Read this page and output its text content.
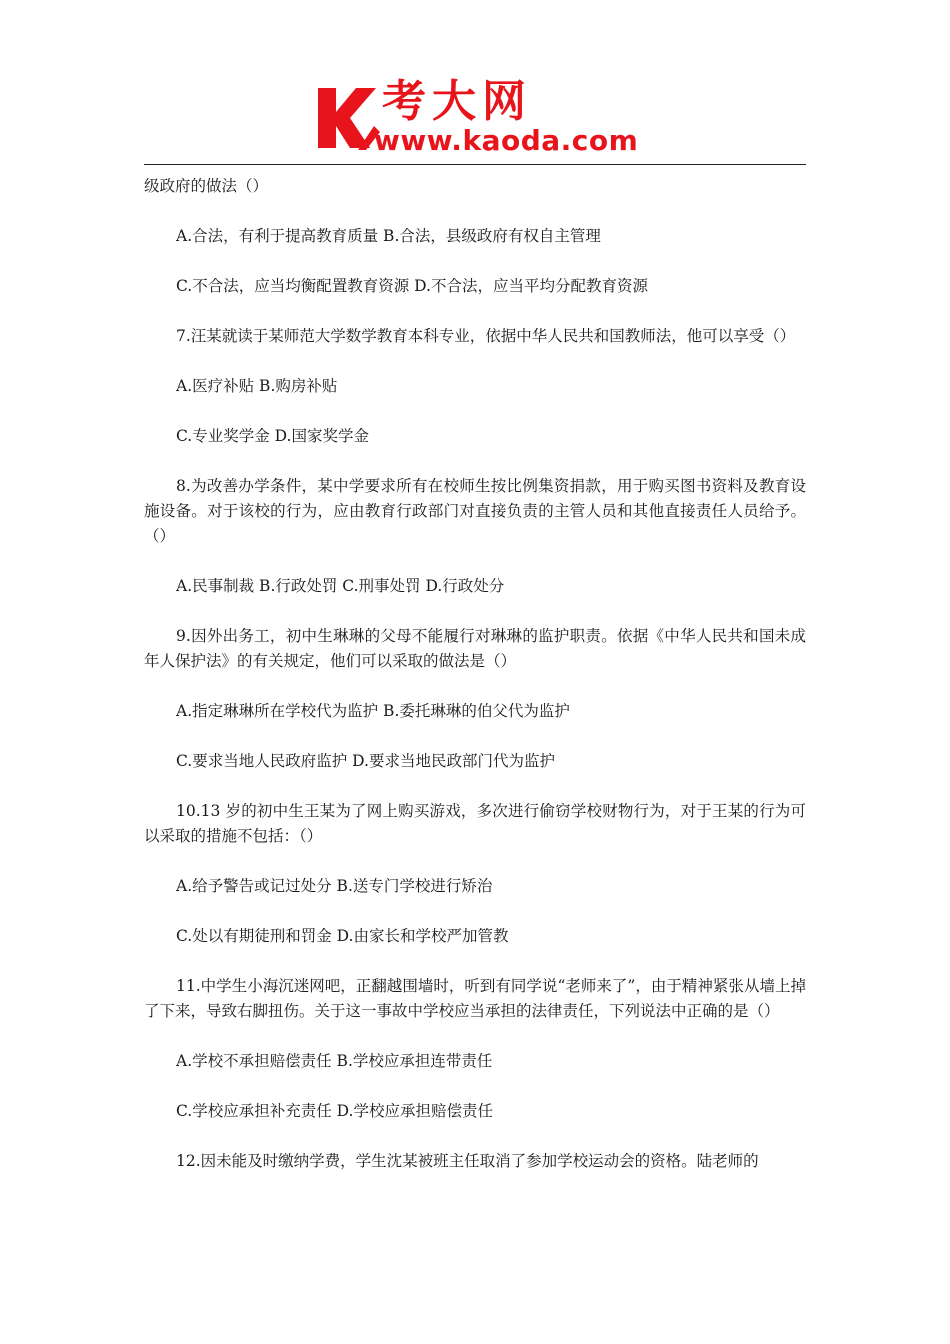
考大网
www.kaoda.com

级政府的做法（）

A.合法，有利于提高教育质量 B.合法，县级政府有权自主管理

C.不合法，应当均衡配置教育资源 D.不合法，应当平均分配教育资源

7.汪某就读于某师范大学数学教育本科专业，依据中华人民共和国教师法，他可以享受（）

A.医疗补贴 B.购房补贴

C.专业奖学金 D.国家奖学金

8.为改善办学条件，某中学要求所有在校师生按比例集资捐款，用于购买图书资料及教育设施设备。对于该校的行为，应由教育行政部门对直接负责的主管人员和其他直接责任人员给予。（）

A.民事制裁 B.行政处罚 C.刑事处罚 D.行政处分

9.因外出务工，初中生琳琳的父母不能履行对琳琳的监护职责。依据《中华人民共和国未成年人保护法》的有关规定，他们可以采取的做法是（）

A.指定琳琳所在学校代为监护 B.委托琳琳的伯父代为监护

C.要求当地人民政府监护 D.要求当地民政部门代为监护

10.13 岁的初中生王某为了网上购买游戏，多次进行偷窃学校财物行为，对于王某的行为可以采取的措施不包括：（）

A.给予警告或记过处分 B.送专门学校进行矫治

C.处以有期徒刑和罚金 D.由家长和学校严加管教

11.中学生小海沉迷网吧，正翻越围墙时，听到有同学说“老师来了”，由于精神紧张从墙上掉了下来，导致右脚扭伤。关于这一事故中学校应当承担的法律责任，下列说法中正确的是（）

A.学校不承担赔偿责任 B.学校应承担连带责任

C.学校应承担补充责任 D.学校应承担赔偿责任

12.因未能及时缴纳学费，学生沈某被班主任取消了参加学校运动会的资格。陆老师的
